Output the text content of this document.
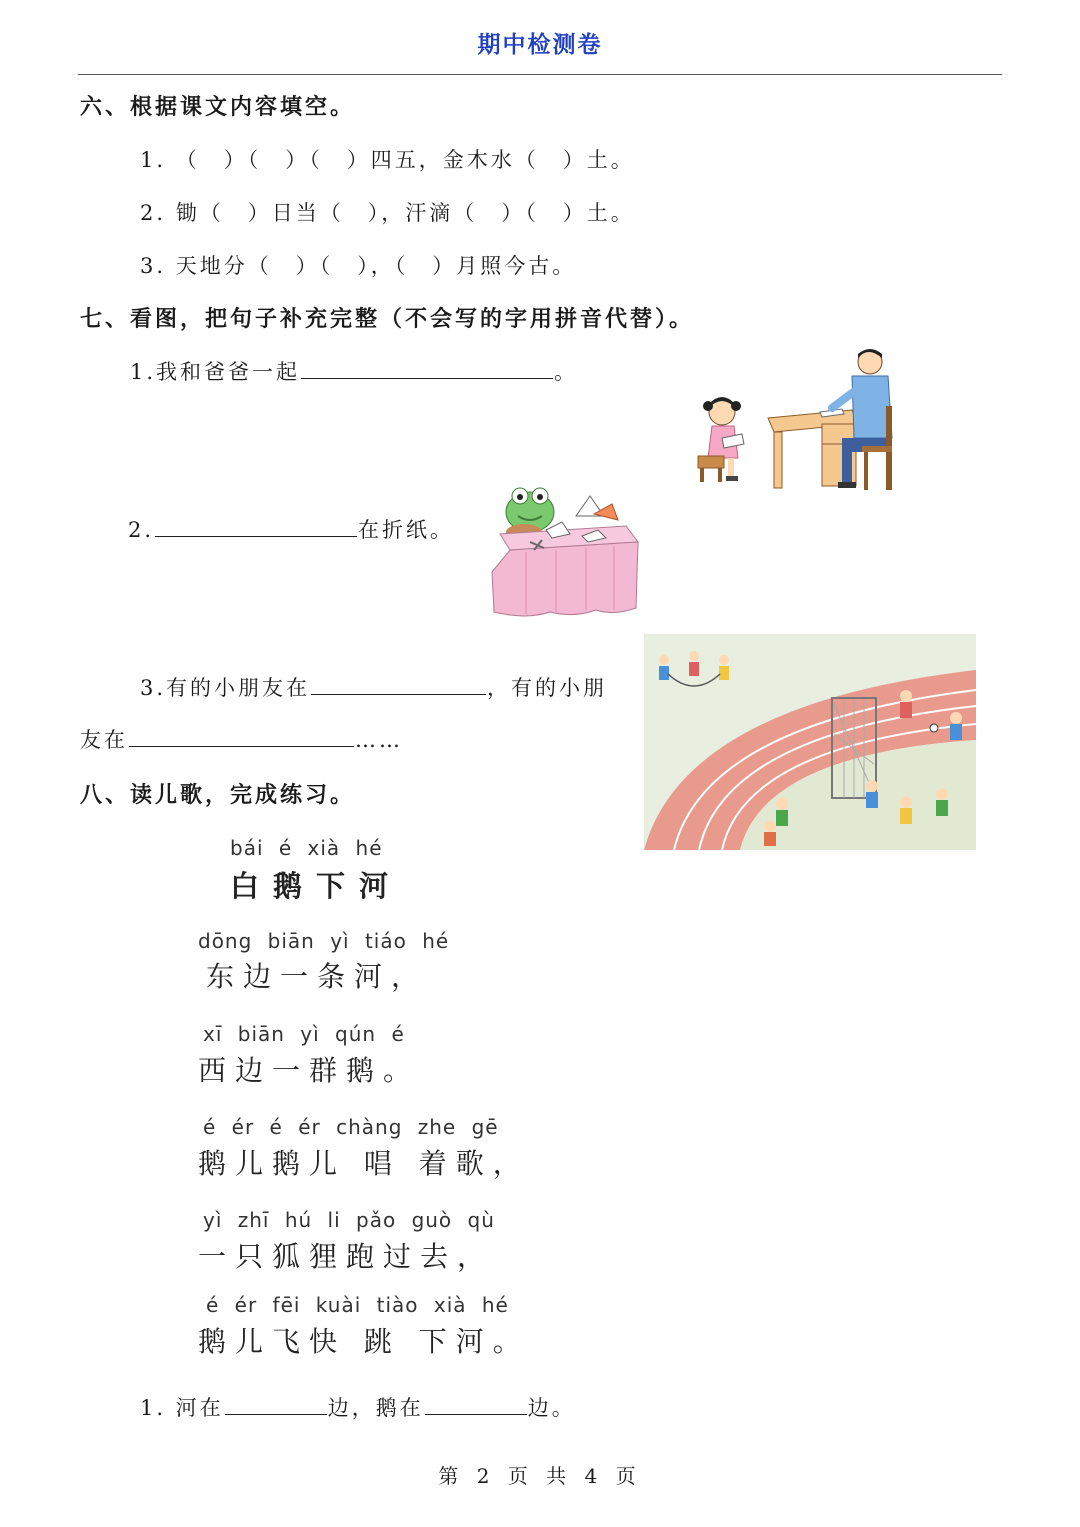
期中检测卷
六、根据课文内容填空。
1. （　）（　）（　）四五，金木水（　）土。
2. 锄（　）日当（　），汗滴（　）（　）土。
3. 天地分（　）（　），（　）月照今古。
七、看图，把句子补充完整（不会写的字用拼音代替）。
1.我和爸爸一起	。
2.	在折纸。
3.有的小朋友在	，有的小朋
友在	……
八、读儿歌，完成练习。
bái é xià hé
白鹅下河
dōng biān yì tiáo hé
东边一条河，
xī biān yì qún é
西边一群鹅。
é ér é ér chàng zhe gē
鹅儿鹅儿 唱 着歌，
yì zhī hú li pǎo guò qù
一只狐狸跑过去，
é ér fēi kuài tiào xià hé
鹅儿飞快 跳 下河。
1. 河在	边，鹅在	边。
第 2 页 共 4 页
